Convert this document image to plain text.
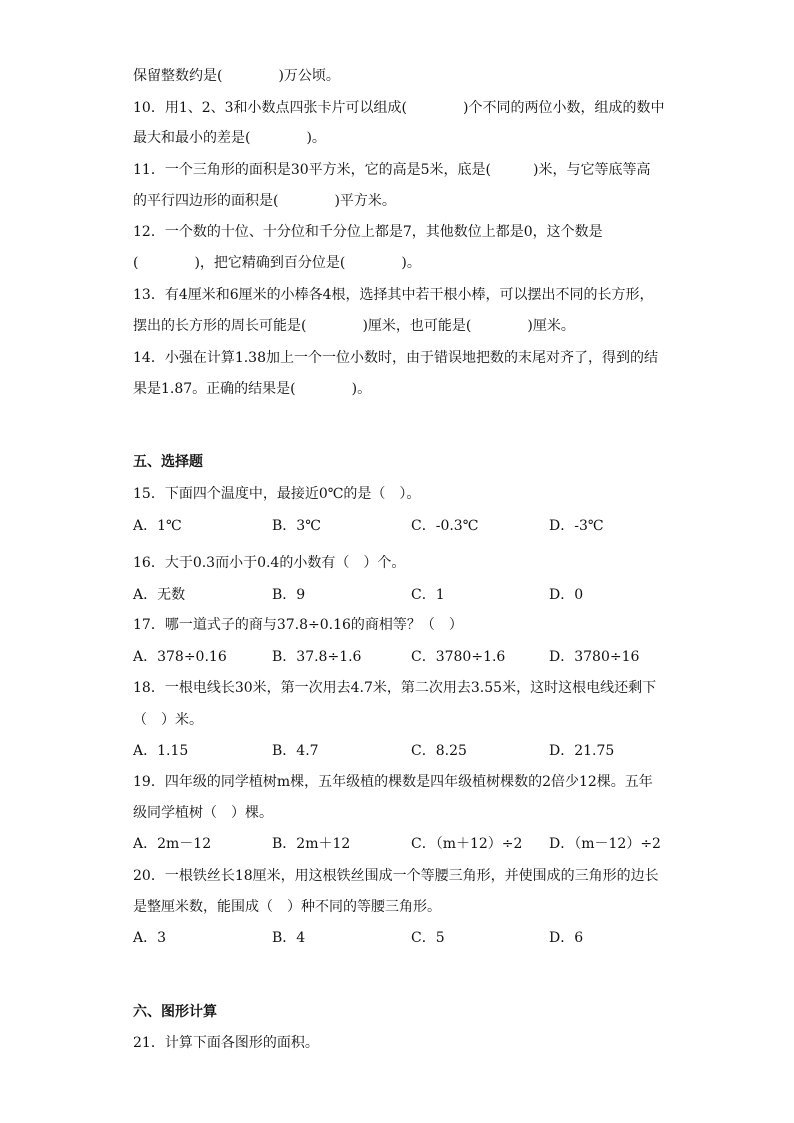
保留整数约是(　　　　)万公顷。
10．用1、2、3和小数点四张卡片可以组成(　　　　)个不同的两位小数，组成的数中
最大和最小的差是(　　　　)。
11．一个三角形的面积是30平方米，它的高是5米，底是(　　　)米，与它等底等高
的平行四边形的面积是(　　　　)平方米。
12．一个数的十位、十分位和千分位上都是7，其他数位上都是0，这个数是
(　　　　)，把它精确到百分位是(　　　　)。
13．有4厘米和6厘米的小棒各4根，选择其中若干根小棒，可以摆出不同的长方形，
摆出的长方形的周长可能是(　　　　)厘米，也可能是(　　　　)厘米。
14．小强在计算1.38加上一个一位小数时，由于错误地把数的末尾对齐了，得到的结
果是1.87。正确的结果是(　　　　)。
五、选择题
15．下面四个温度中，最接近0℃的是（　）。
A．1℃	B．3℃	C．-0.3℃	D．-3℃
16．大于0.3而小于0.4的小数有（　）个。
A．无数	B．9	C．1	D．0
17．哪一道式子的商与37.8÷0.16的商相等？（　）
A．378÷0.16	B．37.8÷1.6	C．3780÷1.6	D．3780÷16
18．一根电线长30米，第一次用去4.7米，第二次用去3.55米，这时这根电线还剩下
（　）米。
A．1.15	B．4.7	C．8.25	D．21.75
19．四年级的同学植树m棵，五年级植的棵数是四年级植树棵数的2倍少12棵。五年
级同学植树（　）棵。
A．2m－12	B．2m＋12	C．（m＋12）÷2 D．（m－12）÷2
20．一根铁丝长18厘米，用这根铁丝围成一个等腰三角形，并使围成的三角形的边长
是整厘米数，能围成（　）种不同的等腰三角形。
A．3	B．4	C．5	D．6
六、图形计算
21．计算下面各图形的面积。
